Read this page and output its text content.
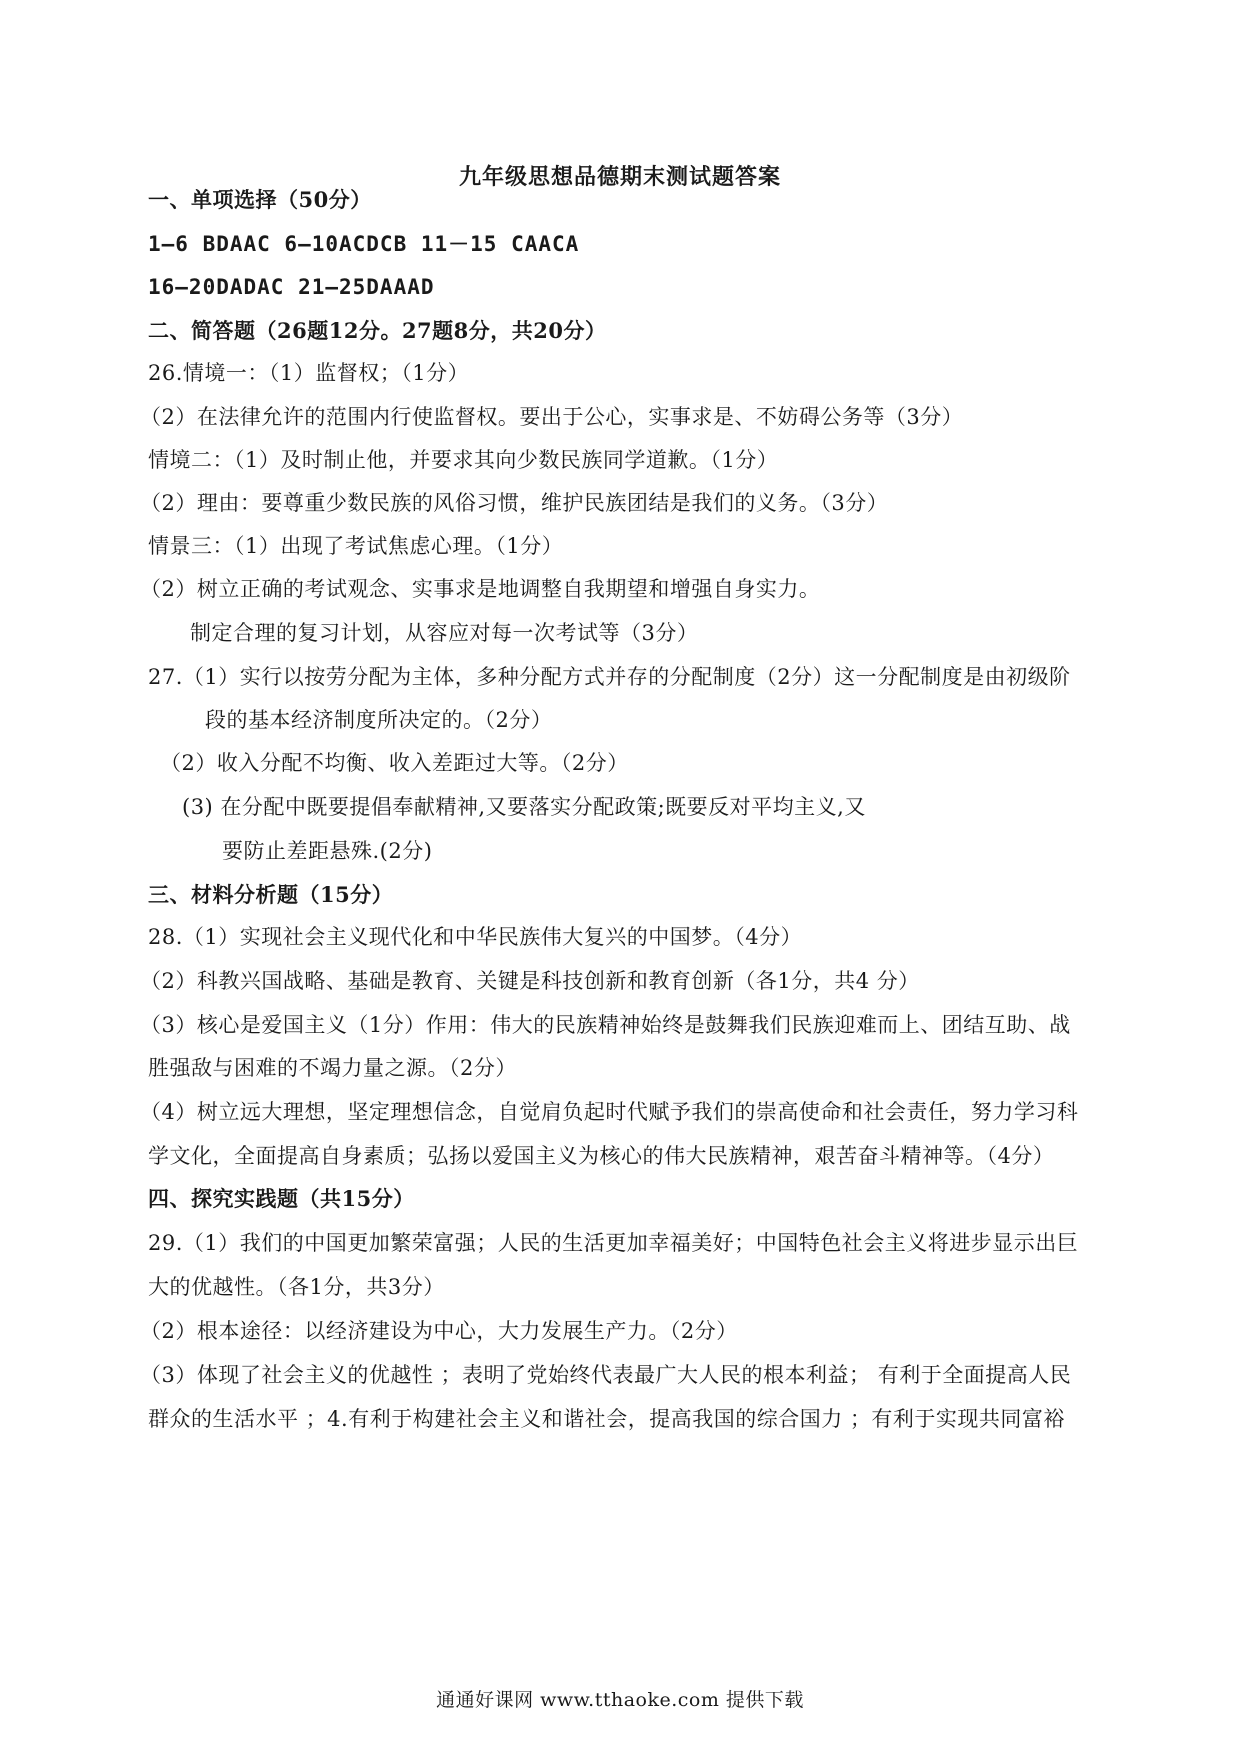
九年级思想品德期末测试题答案
一、单项选择（50分）
1—6 BDAAC 6—10ACDCB 11－15 CAACA
16—20DADAC 21—25DAAAD
二、简答题（26题12分。27题8分，共20分）
26.情境一：（1）监督权；（1分）
（2）在法律允许的范围内行使监督权。要出于公心，实事求是、不妨碍公务等（3分）
情境二：（1）及时制止他，并要求其向少数民族同学道歉。（1分）
（2）理由：要尊重少数民族的风俗习惯，维护民族团结是我们的义务。（3分）
情景三：（1）出现了考试焦虑心理。（1分）
（2）树立正确的考试观念、实事求是地调整自我期望和增强自身实力。
制定合理的复习计划，从容应对每一次考试等（3分）
27.（1）实行以按劳分配为主体，多种分配方式并存的分配制度（2分）这一分配制度是由初级阶
段的基本经济制度所决定的。（2分）
（2）收入分配不均衡、收入差距过大等。（2分）
(3) 在分配中既要提倡奉献精神,又要落实分配政策;既要反对平均主义,又
要防止差距悬殊.(2分)
三、材料分析题（15分）
28.（1）实现社会主义现代化和中华民族伟大复兴的中国梦。（4分）
（2）科教兴国战略、基础是教育、关键是科技创新和教育创新（各1分，共4 分）
（3）核心是爱国主义（1分）作用：伟大的民族精神始终是鼓舞我们民族迎难而上、团结互助、战
胜强敌与困难的不竭力量之源。（2分）
（4）树立远大理想，坚定理想信念，自觉肩负起时代赋予我们的崇高使命和社会责任，努力学习科
学文化，全面提高自身素质；弘扬以爱国主义为核心的伟大民族精神，艰苦奋斗精神等。（4分）
四、探究实践题（共15分）
29.（1）我们的中国更加繁荣富强；人民的生活更加幸福美好；中国特色社会主义将进步显示出巨
大的优越性。（各1分，共3分）
（2）根本途径：以经济建设为中心，大力发展生产力。（2分）
（3）体现了社会主义的优越性 ；表明了党始终代表最广大人民的根本利益； 有利于全面提高人民
群众的生活水平 ；4.有利于构建社会主义和谐社会，提高我国的综合国力 ；有利于实现共同富裕
通通好课网 www.tthaoke.com 提供下载
